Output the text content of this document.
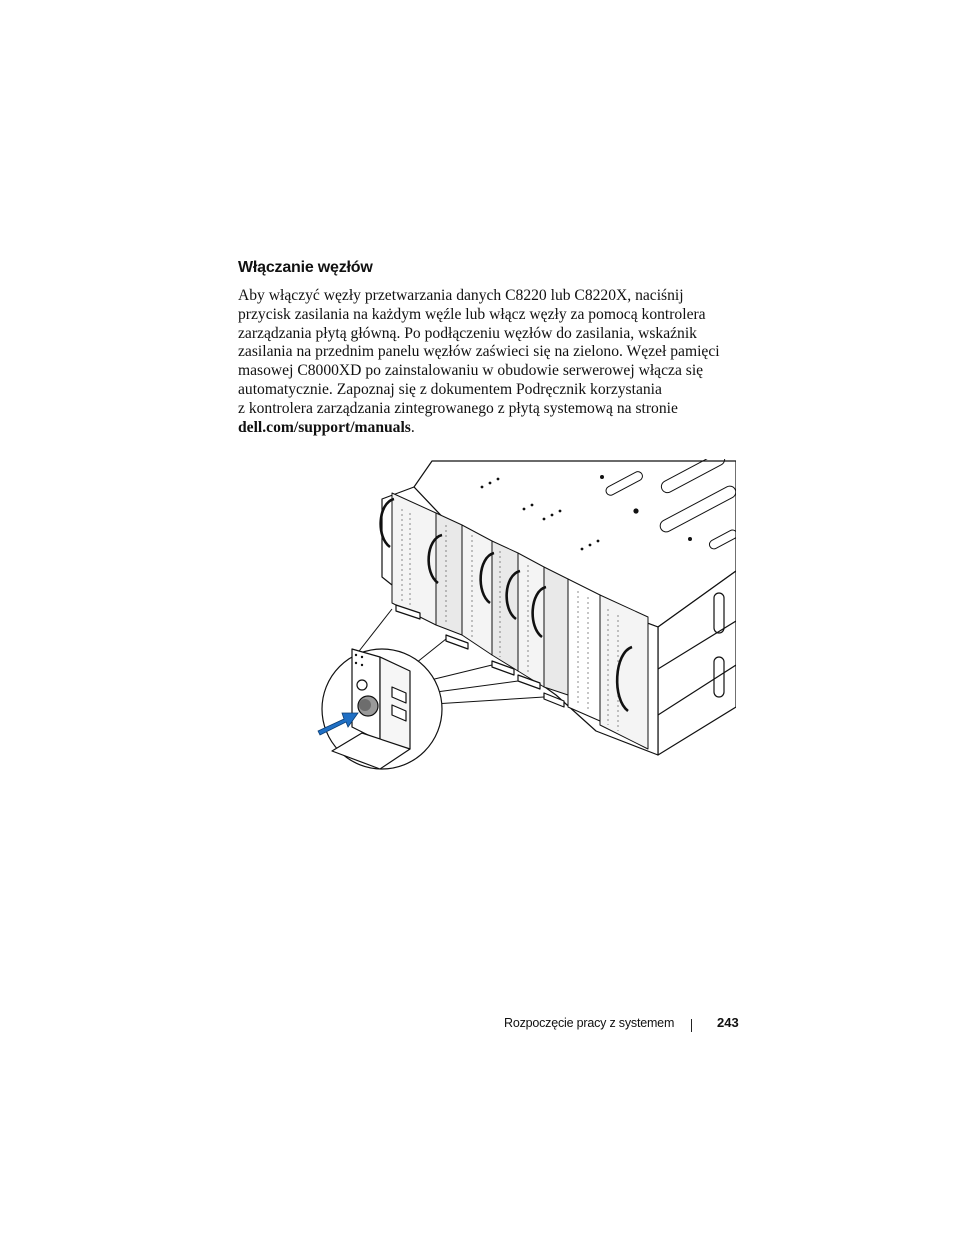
Włączanie węzłów

Aby włączyć węzły przetwarzania danych C8220 lub C8220X, naciśnij
przycisk zasilania na każdym węźle lub włącz węzły za pomocą kontrolera
zarządzania płytą główną. Po podłączeniu węzłów do zasilania, wskaźnik
zasilania na przednim panelu węzłów zaświeci się na zielono. Węzeł pamięci
masowej C8000XD po zainstalowaniu w obudowie serwerowej włącza się
automatycznie. Zapoznaj się z dokumentem Podręcznik korzystania
z kontrolera zarządzania zintegrowanego z płytą systemową na stronie
dell.com/support/manuals.

Rozpoczęcie pracy z systemem	243
